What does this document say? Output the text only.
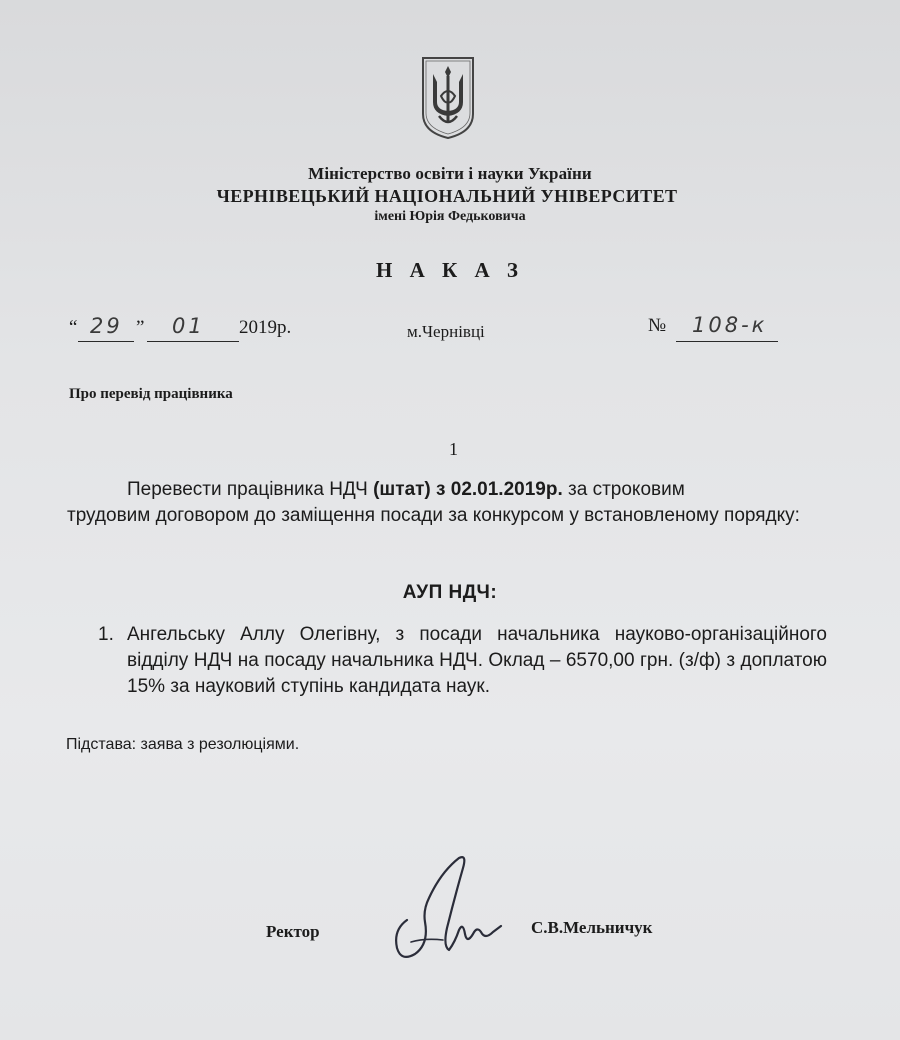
Міністерство освіти і науки України
ЧЕРНІВЕЦЬКИЙ НАЦІОНАЛЬНИЙ УНІВЕРСИТЕТ
імені Юрія Федьковича
Н А К А З
“ 29 ” 01 2019р.	м.Чернівці	№ 108-к
Про перевід працівника
1
Перевести працівника НДЧ (штат) з 02.01.2019р. за строковим
трудовим договором до заміщення посади за конкурсом у встановленому порядку:
АУП НДЧ:
1. Ангельську Аллу Олегівну, з посади начальника науково-організаційного відділу НДЧ на посаду начальника НДЧ. Оклад – 6570,00 грн. (з/ф) з доплатою 15% за науковий ступінь кандидата наук.
Підстава: заява з резолюціями.
Ректор	С.В.Мельничук
